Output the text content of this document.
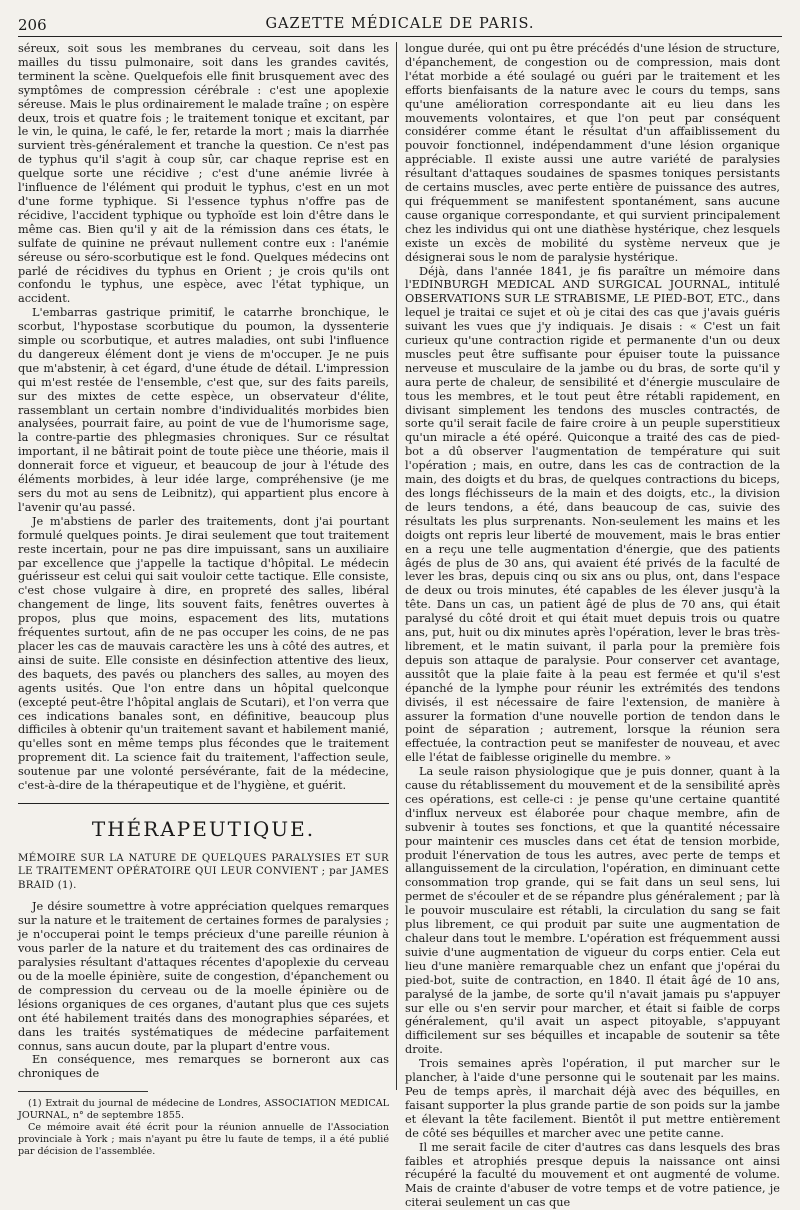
206	GAZETTE MÉDICALE DE PARIS.

séreux, soit sous les membranes du cerveau, soit dans les mailles du tissu pulmonaire, soit dans les grandes cavités, terminent la scène. Quelquefois elle finit brusquement avec des symptômes de compression cérébrale : c'est une apoplexie séreuse. Mais le plus ordinairement le malade traîne ; on espère deux, trois et quatre fois ; le traitement tonique et excitant, par le vin, le quina, le café, le fer, retarde la mort ; mais la diarrhée survient très-généralement et tranche la question. Ce n'est pas de typhus qu'il s'agit à coup sûr, car chaque reprise est en quelque sorte une récidive ; c'est d'une anémie livrée à l'influence de l'élément qui produit le typhus, c'est en un mot d'une forme typhique. Si l'essence typhus n'offre pas de récidive, l'accident typhique ou typhoïde est loin d'être dans le même cas. Bien qu'il y ait de la rémission dans ces états, le sulfate de quinine ne prévaut nullement contre eux : l'anémie séreuse ou séro-scorbutique est le fond. Quelques médecins ont parlé de récidives du typhus en Orient ; je crois qu'ils ont confondu le typhus, une espèce, avec l'état typhique, un accident.

L'embarras gastrique primitif, le catarrhe bronchique, le scorbut, l'hypostase scorbutique du poumon, la dyssenterie simple ou scorbutique, et autres maladies, ont subi l'influence du dangereux élément dont je viens de m'occuper. Je ne puis que m'abstenir, à cet égard, d'une étude de détail. L'impression qui m'est restée de l'ensemble, c'est que, sur des faits pareils, sur des mixtes de cette espèce, un observateur d'élite, rassemblant un certain nombre d'individualités morbides bien analysées, pourrait faire, au point de vue de l'humorisme sage, la contre-partie des phlegmasies chroniques. Sur ce résultat important, il ne bâtirait point de toute pièce une théorie, mais il donnerait force et vigueur, et beaucoup de jour à l'étude des éléments morbides, à leur idée large, compréhensive (je me sers du mot au sens de Leibnitz), qui appartient plus encore à l'avenir qu'au passé.

Je m'abstiens de parler des traitements, dont j'ai pourtant formulé quelques points. Je dirai seulement que tout traitement reste incertain, pour ne pas dire impuissant, sans un auxiliaire par excellence que j'appelle la tactique d'hôpital. Le médecin guérisseur est celui qui sait vouloir cette tactique. Elle consiste, c'est chose vulgaire à dire, en propreté des salles, libéral changement de linge, lits souvent faits, fenêtres ouvertes à propos, plus que moins, espacement des lits, mutations fréquentes surtout, afin de ne pas occuper les coins, de ne pas placer les cas de mauvais caractère les uns à côté des autres, et ainsi de suite. Elle consiste en désinfection attentive des lieux, des baquets, des pavés ou planchers des salles, au moyen des agents usités. Que l'on entre dans un hôpital quelconque (excepté peut-être l'hôpital anglais de Scutari), et l'on verra que ces indications banales sont, en définitive, beaucoup plus difficiles à obtenir qu'un traitement savant et habilement manié, qu'elles sont en même temps plus fécondes que le traitement proprement dit. La science fait du traitement, l'affection seule, soutenue par une volonté persévérante, fait de la médecine, c'est-à-dire de la thérapeutique et de l'hygiène, et guérit.

THÉRAPEUTIQUE.

MÉMOIRE SUR LA NATURE DE QUELQUES PARALYSIES ET SUR LE TRAITEMENT OPÉRATOIRE QUI LEUR CONVIENT ; par JAMES BRAID (1).

Je désire soumettre à votre appréciation quelques remarques sur la nature et le traitement de certaines formes de paralysies ; je n'occuperai point le temps précieux d'une pareille réunion à vous parler de la nature et du traitement des cas ordinaires de paralysies résultant d'attaques récentes d'apoplexie du cerveau ou de la moelle épinière, suite de congestion, d'épanchement ou de compression du cerveau ou de la moelle épinière ou de lésions organiques de ces organes, d'autant plus que ces sujets ont été habilement traités dans des monographies séparées, et dans les traités systématiques de médecine parfaitement connus, sans aucun doute, par la plupart d'entre vous.

En conséquence, mes remarques se borneront aux cas chroniques de

(1) Extrait du journal de médecine de Londres, ASSOCIATION MEDICAL JOURNAL, n° de septembre 1855.

Ce mémoire avait été écrit pour la réunion annuelle de l'Association provinciale à York ; mais n'ayant pu être lu faute de temps, il a été publié par décision de l'assemblée.

longue durée, qui ont pu être précédés d'une lésion de structure, d'épanchement, de congestion ou de compression, mais dont l'état morbide a été soulagé ou guéri par le traitement et les efforts bienfaisants de la nature avec le cours du temps, sans qu'une amélioration correspondante ait eu lieu dans les mouvements volontaires, et que l'on peut par conséquent considérer comme étant le résultat d'un affaiblissement du pouvoir fonctionnel, indépendamment d'une lésion organique appréciable. Il existe aussi une autre variété de paralysies résultant d'attaques soudaines de spasmes toniques persistants de certains muscles, avec perte entière de puissance des autres, qui fréquemment se manifestent spontanément, sans aucune cause organique correspondante, et qui survient principalement chez les individus qui ont une diathèse hystérique, chez lesquels existe un excès de mobilité du système nerveux que je désignerai sous le nom de paralysie hystérique.

Déjà, dans l'année 1841, je fis paraître un mémoire dans l'EDINBURGH MEDICAL AND SURGICAL JOURNAL, intitulé OBSERVATIONS SUR LE STRABISME, LE PIED-BOT, ETC., dans lequel je traitai ce sujet et où je citai des cas que j'avais guéris suivant les vues que j'y indiquais. Je disais : « C'est un fait curieux qu'une contraction rigide et permanente d'un ou deux muscles peut être suffisante pour épuiser toute la puissance nerveuse et musculaire de la jambe ou du bras, de sorte qu'il y aura perte de chaleur, de sensibilité et d'énergie musculaire de tous les membres, et le tout peut être rétabli rapidement, en divisant simplement les tendons des muscles contractés, de sorte qu'il serait facile de faire croire à un peuple superstitieux qu'un miracle a été opéré. Quiconque a traité des cas de pied-bot a dû observer l'augmentation de température qui suit l'opération ; mais, en outre, dans les cas de contraction de la main, des doigts et du bras, de quelques contractions du biceps, des longs fléchisseurs de la main et des doigts, etc., la division de leurs tendons, a été, dans beaucoup de cas, suivie des résultats les plus surprenants. Non-seulement les mains et les doigts ont repris leur liberté de mouvement, mais le bras entier en a reçu une telle augmentation d'énergie, que des patients âgés de plus de 30 ans, qui avaient été privés de la faculté de lever les bras, depuis cinq ou six ans ou plus, ont, dans l'espace de deux ou trois minutes, été capables de les élever jusqu'à la tête. Dans un cas, un patient âgé de plus de 70 ans, qui était paralysé du côté droit et qui était muet depuis trois ou quatre ans, put, huit ou dix minutes après l'opération, lever le bras très-librement, et le matin suivant, il parla pour la première fois depuis son attaque de paralysie. Pour conserver cet avantage, aussitôt que la plaie faite à la peau est fermée et qu'il s'est épanché de la lymphe pour réunir les extrémités des tendons divisés, il est nécessaire de faire l'extension, de manière à assurer la formation d'une nouvelle portion de tendon dans le point de séparation ; autrement, lorsque la réunion sera effectuée, la contraction peut se manifester de nouveau, et avec elle l'état de faiblesse originelle du membre. »

La seule raison physiologique que je puis donner, quant à la cause du rétablissement du mouvement et de la sensibilité après ces opérations, est celle-ci : je pense qu'une certaine quantité d'influx nerveux est élaborée pour chaque membre, afin de subvenir à toutes ses fonctions, et que la quantité nécessaire pour maintenir ces muscles dans cet état de tension morbide, produit l'énervation de tous les autres, avec perte de temps et allanguissement de la circulation, l'opération, en diminuant cette consommation trop grande, qui se fait dans un seul sens, lui permet de s'écouler et de se répandre plus généralement ; par là le pouvoir musculaire est rétabli, la circulation du sang se fait plus librement, ce qui produit par suite une augmentation de chaleur dans tout le membre. L'opération est fréquemment aussi suivie d'une augmentation de vigueur du corps entier. Cela eut lieu d'une manière remarquable chez un enfant que j'opérai du pied-bot, suite de contraction, en 1840. Il était âgé de 10 ans, paralysé de la jambe, de sorte qu'il n'avait jamais pu s'appuyer sur elle ou s'en servir pour marcher, et était si faible de corps généralement, qu'il avait un aspect pitoyable, s'appuyant difficilement sur ses béquilles et incapable de soutenir sa tête droite.

Trois semaines après l'opération, il put marcher sur le plancher, à l'aide d'une personne qui le soutenait par les mains. Peu de temps après, il marchait déjà avec des béquilles, en faisant supporter la plus grande partie de son poids sur la jambe et élevant la tête facilement. Bientôt il put mettre entièrement de côté ses béquilles et marcher avec une petite canne.

Il me serait facile de citer d'autres cas dans lesquels des bras faibles et atrophiés presque depuis la naissance ont ainsi récupéré la faculté du mouvement et ont augmenté de volume. Mais de crainte d'abuser de votre temps et de votre patience, je citerai seulement un cas que
